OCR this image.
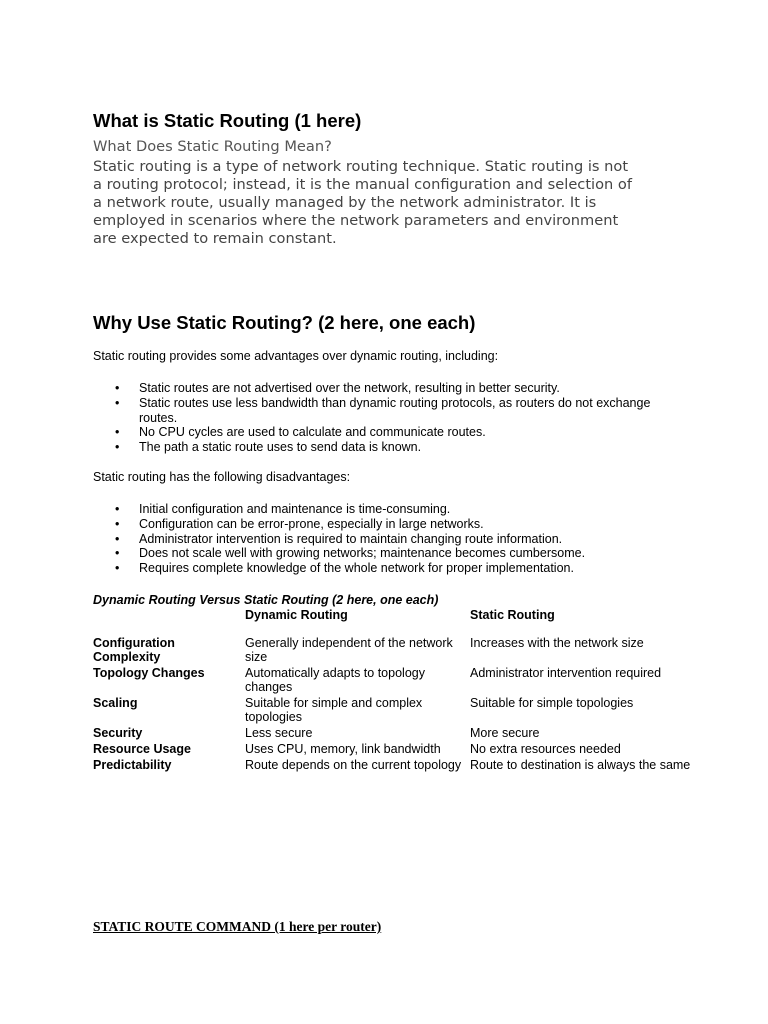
What is Static Routing (1 here)
What Does Static Routing Mean?

Static routing is a type of network routing technique. Static routing is not
a routing protocol; instead, it is the manual configuration and selection of
a network route, usually managed by the network administrator. It is
employed in scenarios where the network parameters and environment
are expected to remain constant.

Why Use Static Routing? (2 here, one each)

Static routing provides some advantages over dynamic routing, including:

• Static routes are not advertised over the network, resulting in better security.
• Static routes use less bandwidth than dynamic routing protocols, as routers do not exchange routes.
• No CPU cycles are used to calculate and communicate routes.
• The path a static route uses to send data is known.

Static routing has the following disadvantages:

• Initial configuration and maintenance is time-consuming.
• Configuration can be error-prone, especially in large networks.
• Administrator intervention is required to maintain changing route information.
• Does not scale well with growing networks; maintenance becomes cumbersome.
• Requires complete knowledge of the whole network for proper implementation.
Dynamic Routing Versus Static Routing (2 here, one each)
	Dynamic Routing	Static Routing
Configuration Complexity	Generally independent of the network size	Increases with the network size
Topology Changes	Automatically adapts to topology changes	Administrator intervention required
Scaling	Suitable for simple and complex topologies	Suitable for simple topologies
Security	Less secure	More secure
Resource Usage	Uses CPU, memory, link bandwidth	No extra resources needed
Predictability	Route depends on the current topology	Route to destination is always the same
STATIC ROUTE COMMAND (1 here per router)
